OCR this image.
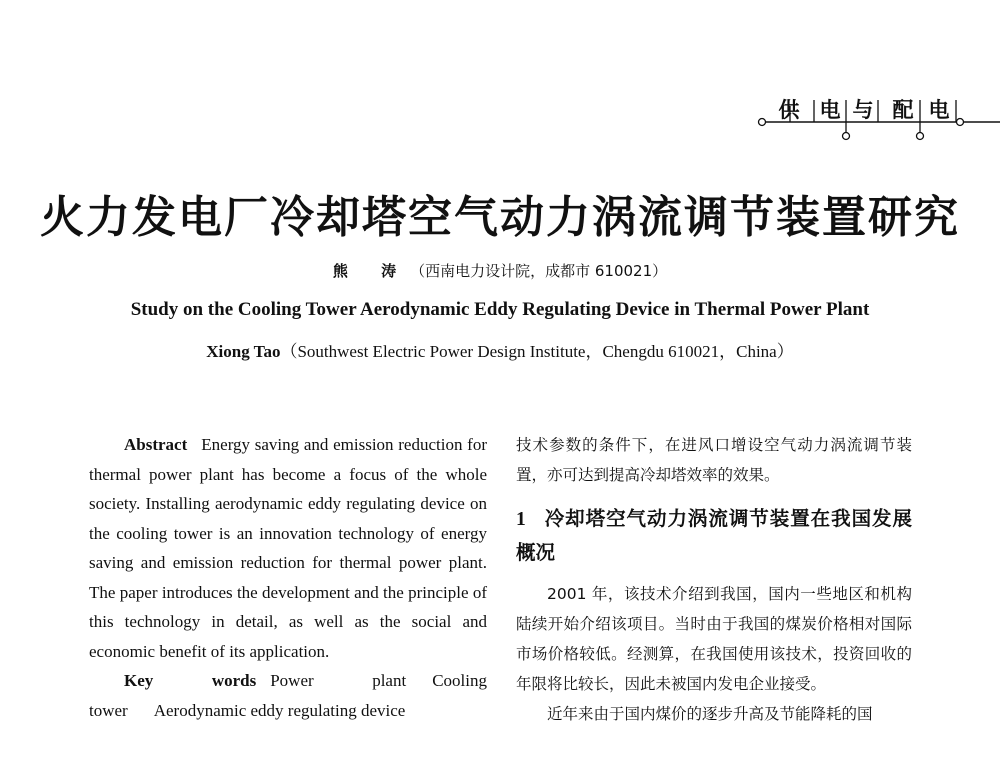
供 电 与 配 电
火力发电厂冷却塔空气动力涡流调节装置研究
熊 涛（西南电力设计院，成都市 610021）
Study on the Cooling Tower Aerodynamic Eddy Regulating Device in Thermal Power Plant
Xiong Tao（Southwest Electric Power Design Institute，Chengdu 610021，China）

Abstract Energy saving and emission reduction for thermal power plant has become a focus of the whole society. Installing aerodynamic eddy regulating device on the cooling tower is an innovation technology of energy saving and emission reduction for thermal power plant. The paper introduces the development and the principle of this technology in detail, as well as the social and economic benefit of its application.

Key words Power plant Cooling tower Aerodynamic eddy regulating device

技术参数的条件下，在进风口增设空气动力涡流调节装置，亦可达到提高冷却塔效率的效果。

1 冷却塔空气动力涡流调节装置在我国发展概况

2001 年，该技术介绍到我国，国内一些地区和机构陆续开始介绍该项目。当时由于我国的煤炭价格相对国际市场价格较低。经测算，在我国使用该技术，投资回收的年限将比较长，因此未被国内发电企业接受。

近年来由于国内煤价的逐步升高及节能降耗的国
